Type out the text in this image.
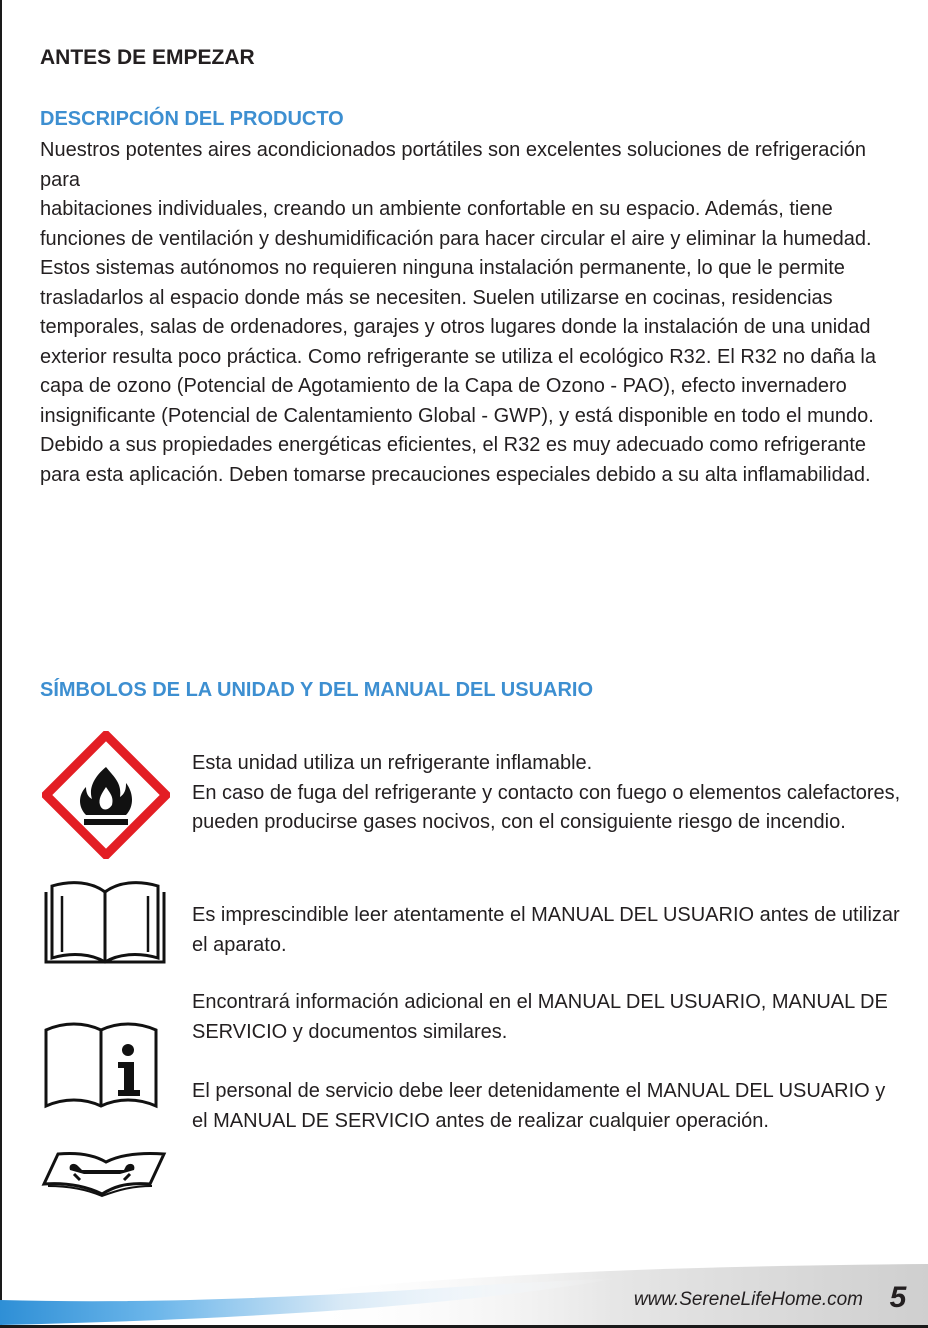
ANTES DE EMPEZAR
DESCRIPCIÓN DEL PRODUCTO

Nuestros potentes aires acondicionados portátiles son excelentes soluciones de refrigeración para

habitaciones individuales, creando un ambiente confortable en su espacio. Además, tiene funciones de ventilación y deshumidificación para hacer circular el aire y eliminar la humedad. Estos sistemas autónomos no requieren ninguna instalación permanente, lo que le permite trasladarlos al espacio donde más se necesiten. Suelen utilizarse en cocinas, residencias temporales, salas de ordenadores, garajes y otros lugares donde la instalación de una unidad exterior resulta poco práctica. Como refrigerante se utiliza el ecológico R32. El R32 no daña la capa de ozono (Potencial de Agotamiento de la Capa de Ozono - PAO), efecto invernadero insignificante (Potencial de Calentamiento Global - GWP), y está disponible en todo el mundo.

Debido a sus propiedades energéticas eficientes, el R32 es muy adecuado como refrigerante para esta aplicación. Deben tomarse precauciones especiales debido a su alta inflamabilidad.

SÍMBOLOS DE LA UNIDAD Y DEL MANUAL DEL USUARIO
Esta unidad utiliza un refrigerante inflamable.
En caso de fuga del refrigerante y contacto con fuego o elementos calefactores, pueden producirse gases nocivos, con el consiguiente riesgo de incendio.
Es imprescindible leer atentamente el MANUAL DEL USUARIO antes de utilizar el aparato.
Encontrará información adicional en el MANUAL DEL USUARIO, MANUAL DE SERVICIO y documentos similares.
El personal de servicio debe leer detenidamente el MANUAL DEL USUARIO y el MANUAL DE SERVICIO antes de realizar cualquier operación.
www.SereneLifeHome.com 5
